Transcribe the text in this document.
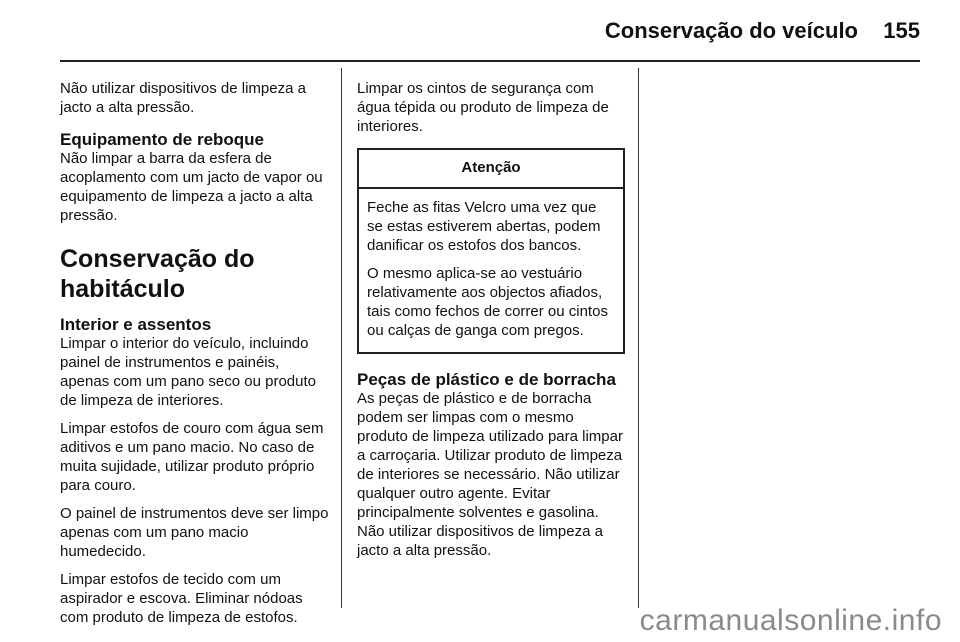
Conservação do veículo 155

Não utilizar dispositivos de limpeza a jacto a alta pressão.

Equipamento de reboque

Não limpar a barra da esfera de acoplamento com um jacto de vapor ou equipamento de limpeza a jacto a alta pressão.

Conservação do habitáculo
Interior e assentos

Limpar o interior do veículo, incluindo painel de instrumentos e painéis, apenas com um pano seco ou produto de limpeza de interiores.

Limpar estofos de couro com água sem aditivos e um pano macio. No caso de muita sujidade, utilizar produto próprio para couro.

O painel de instrumentos deve ser limpo apenas com um pano macio humedecido.

Limpar estofos de tecido com um aspirador e escova. Eliminar nódoas com produto de limpeza de estofos.

Limpar os cintos de segurança com água tépida ou produto de limpeza de interiores.

Atenção

Feche as fitas Velcro uma vez que se estas estiverem abertas, podem danificar os estofos dos bancos.

O mesmo aplica-se ao vestuário relativamente aos objectos afiados, tais como fechos de correr ou cintos ou calças de ganga com pregos.

Peças de plástico e de borracha

As peças de plástico e de borracha podem ser limpas com o mesmo produto de limpeza utilizado para limpar a carroçaria. Utilizar produto de limpeza de interiores se necessário. Não utilizar qualquer outro agente. Evitar principalmente solventes e gasolina. Não utilizar dispositivos de limpeza a jacto a alta pressão.

carmanualsonline.info
